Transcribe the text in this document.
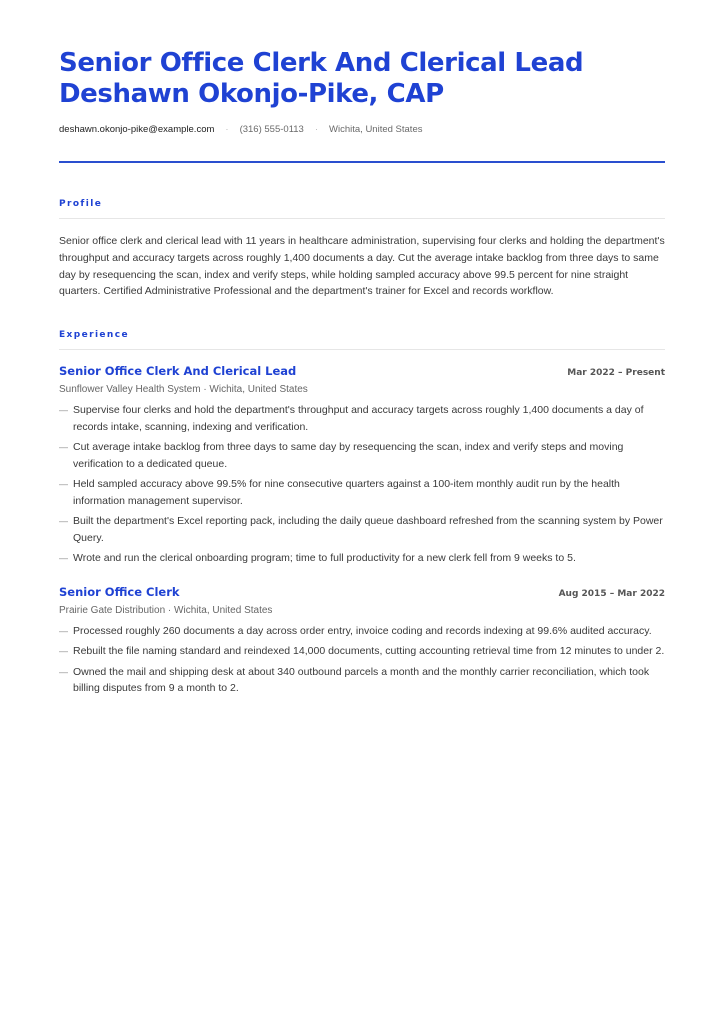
Senior Office Clerk And Clerical Lead
Deshawn Okonjo-Pike, CAP
deshawn.okonjo-pike@example.com · (316) 555-0113 · Wichita, United States
Profile
Senior office clerk and clerical lead with 11 years in healthcare administration, supervising four clerks and holding the department's throughput and accuracy targets across roughly 1,400 documents a day. Cut the average intake backlog from three days to same day by resequencing the scan, index and verify steps, while holding sampled accuracy above 99.5 percent for nine straight quarters. Certified Administrative Professional and the department's trainer for Excel and records workflow.
Experience
Senior Office Clerk And Clerical Lead	Mar 2022 – Present
Sunflower Valley Health System · Wichita, United States
— Supervise four clerks and hold the department's throughput and accuracy targets across roughly 1,400 documents a day of records intake, scanning, indexing and verification.
— Cut average intake backlog from three days to same day by resequencing the scan, index and verify steps and moving verification to a dedicated queue.
— Held sampled accuracy above 99.5% for nine consecutive quarters against a 100-item monthly audit run by the health information management supervisor.
— Built the department's Excel reporting pack, including the daily queue dashboard refreshed from the scanning system by Power Query.
— Wrote and run the clerical onboarding program; time to full productivity for a new clerk fell from 9 weeks to 5.
Senior Office Clerk	Aug 2015 – Mar 2022
Prairie Gate Distribution · Wichita, United States
— Processed roughly 260 documents a day across order entry, invoice coding and records indexing at 99.6% audited accuracy.
— Rebuilt the file naming standard and reindexed 14,000 documents, cutting accounting retrieval time from 12 minutes to under 2.
— Owned the mail and shipping desk at about 340 outbound parcels a month and the monthly carrier reconciliation, which took billing disputes from 9 a month to 2.
